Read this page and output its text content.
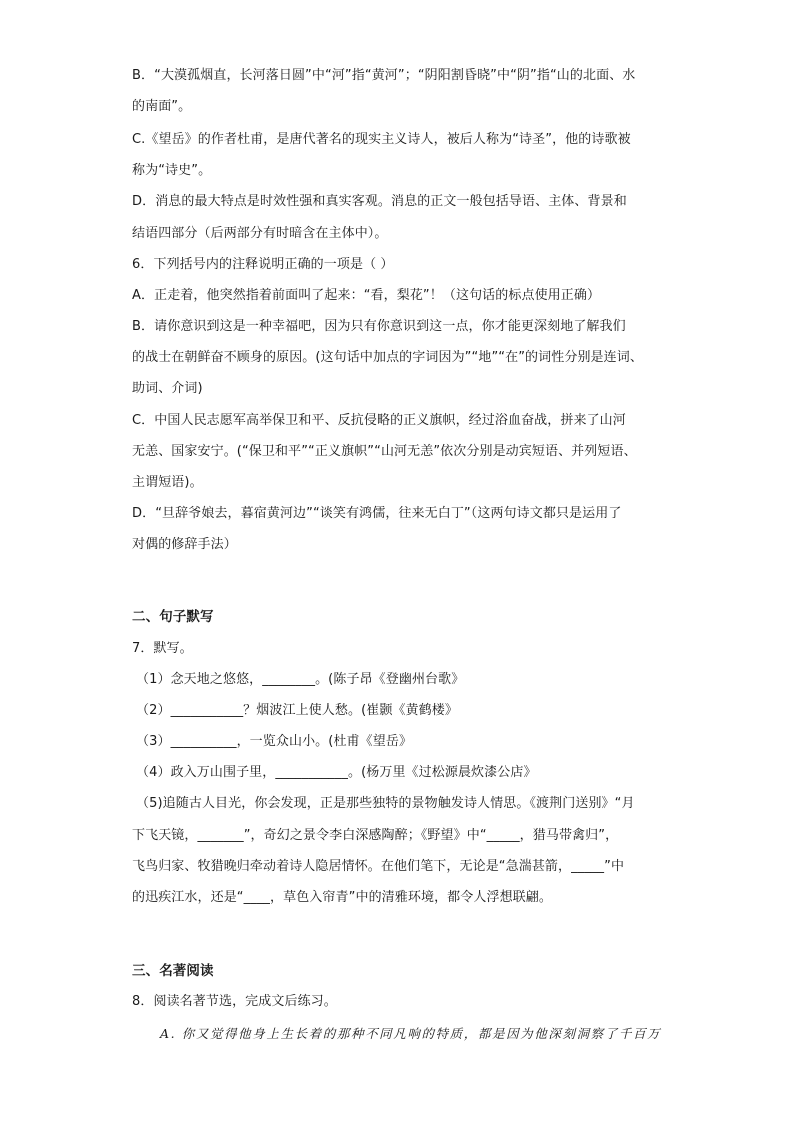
B．“大漠孤烟直，长河落日圆”中“河”指“黄河”；“阴阳割昏晓”中“阴”指“山的北面、水
的南面”。
C.《望岳》的作者杜甫，是唐代著名的现实主义诗人，被后人称为“诗圣”，他的诗歌被
称为“诗史”。
D．消息的最大特点是时效性强和真实客观。消息的正文一般包括导语、主体、背景和
结语四部分（后两部分有时暗含在主体中）。
6．下列括号内的注释说明正确的一项是（ ）
A．正走着，他突然指着前面叫了起来：“看，梨花”！（这句话的标点使用正确）
B．请你意识到这是一种幸福吧，因为只有你意识到这一点，你才能更深刻地了解我们
的战士在朝鲜奋不顾身的原因。(这句话中加点的字词因为”“地”“在”的词性分别是连词、
助词、介词)
C．中国人民志愿军高举保卫和平、反抗侵略的正义旗帜，经过浴血奋战，拼来了山河
无恙、国家安宁。(“保卫和平”“正义旗帜”“山河无恙”依次分别是动宾短语、并列短语、
主谓短语)。
D．“旦辞爷娘去，暮宿黄河边”“谈笑有鸿儒，往来无白丁”（这两句诗文都只是运用了
对偶的修辞手法）
二、句子默写
7．默写。
（1）念天地之悠悠，________。(陈子昂《登幽州台歌》
（2）___________？烟波江上使人愁。(崔颢《黄鹤楼》
（3）__________，一览众山小。(杜甫《望岳》
（4）政入万山围子里，___________。(杨万里《过松源晨炊漆公店》
（5)追随古人目光，你会发现，正是那些独特的景物触发诗人情思。《渡荆门送别》“月
下飞天镜，_______”，奇幻之景令李白深感陶醉；《野望》中“_____，猎马带禽归”，
飞鸟归家、牧猎晚归牵动着诗人隐居情怀。在他们笔下，无论是“急湍甚箭，_____”中
的迅疾江水，还是“____，草色入帘青”中的清雅环境，都令人浮想联翩。
三、名著阅读
8．阅读名著节选，完成文后练习。
A. 你又觉得他身上生长着的那种不同凡响的特质，都是因为他深刻洞察了千百万
